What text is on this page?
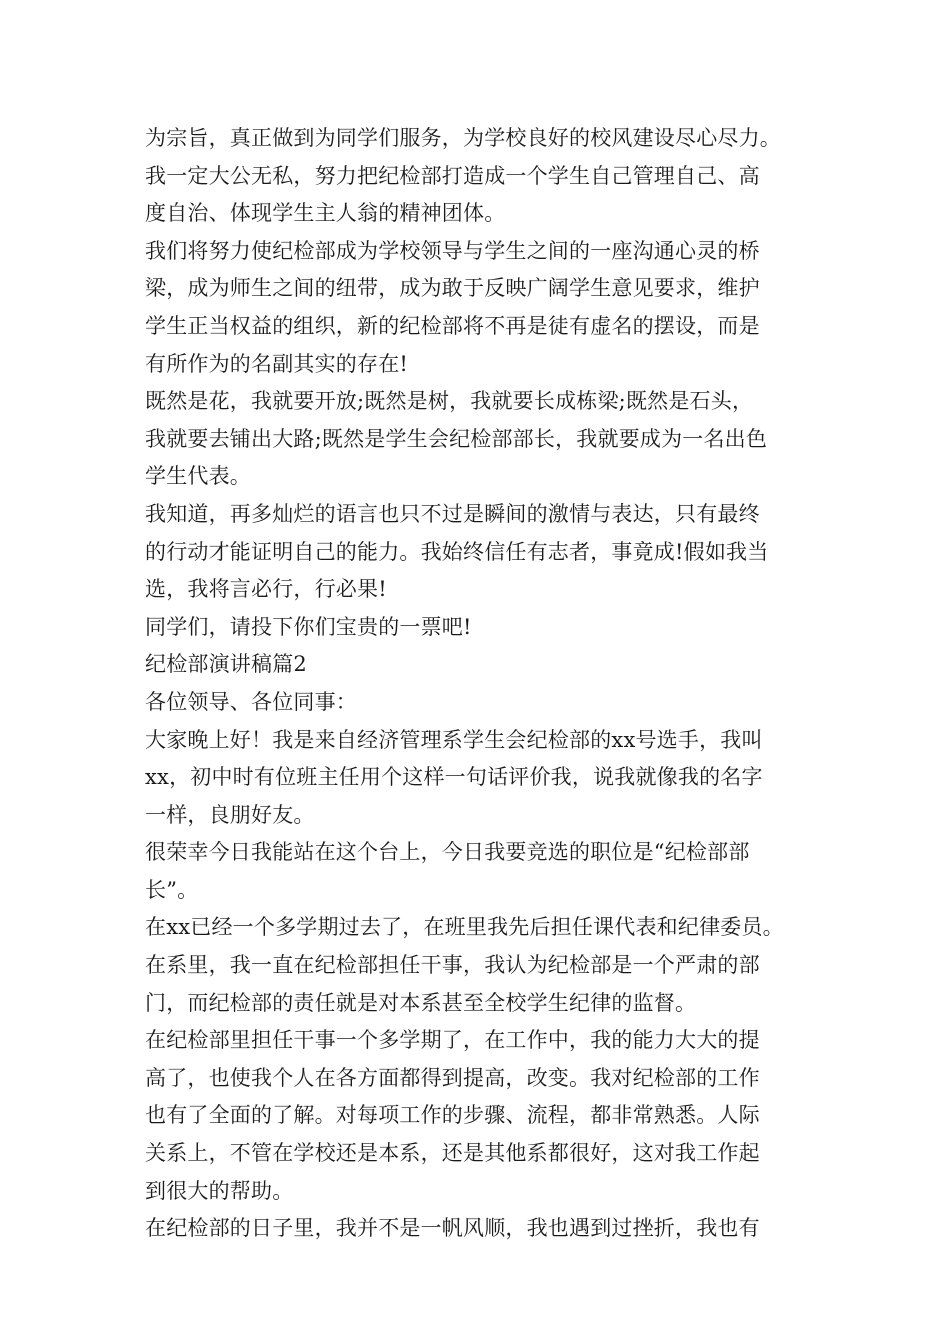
为宗旨，真正做到为同学们服务，为学校良好的校风建设尽心尽力。
我一定大公无私，努力把纪检部打造成一个学生自己管理自己、高
度自治、体现学生主人翁的精神团体。
我们将努力使纪检部成为学校领导与学生之间的一座沟通心灵的桥
梁，成为师生之间的纽带，成为敢于反映广阔学生意见要求，维护
学生正当权益的组织，新的纪检部将不再是徒有虚名的摆设，而是
有所作为的名副其实的存在!
既然是花，我就要开放;既然是树，我就要长成栋梁;既然是石头，
我就要去铺出大路;既然是学生会纪检部部长，我就要成为一名出色
学生代表。
我知道，再多灿烂的语言也只不过是瞬间的激情与表达，只有最终
的行动才能证明自己的能力。我始终信任有志者，事竟成!假如我当
选，我将言必行，行必果!
同学们，请投下你们宝贵的一票吧!
纪检部演讲稿篇2
各位领导、各位同事：
大家晚上好！我是来自经济管理系学生会纪检部的xx号选手，我叫
xx，初中时有位班主任用个这样一句话评价我，说我就像我的名字
一样，良朋好友。
很荣幸今日我能站在这个台上，今日我要竞选的职位是“纪检部部
长”。
在xx已经一个多学期过去了，在班里我先后担任课代表和纪律委员。
在系里，我一直在纪检部担任干事，我认为纪检部是一个严肃的部
门，而纪检部的责任就是对本系甚至全校学生纪律的监督。
在纪检部里担任干事一个多学期了，在工作中，我的能力大大的提
高了，也使我个人在各方面都得到提高，改变。我对纪检部的工作
也有了全面的了解。对每项工作的步骤、流程，都非常熟悉。人际
关系上，不管在学校还是本系，还是其他系都很好，这对我工作起
到很大的帮助。
在纪检部的日子里，我并不是一帆风顺，我也遇到过挫折，我也有
